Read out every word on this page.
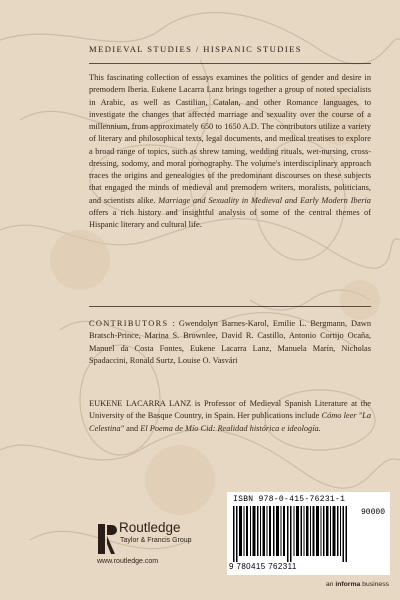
MEDIEVAL STUDIES / HISPANIC STUDIES

This fascinating collection of essays examines the politics of gender and desire in premodern Iberia. Eukene Lacarra Lanz brings together a group of noted specialists in Arabic, as well as Castilian, Catalan, and other Romance languages, to investigate the changes that affected marriage and sexuality over the course of a millennium, from approximately 650 to 1650 A.D. The contributors utilize a variety of literary and philosophical texts, legal documents, and medical treatises to explore a broad range of topics, such as shrew taming, wedding rituals, wet-nursing, cross-dressing, sodomy, and moral pornography. The volume's interdisciplinary approach traces the origins and genealogies of the predominant discourses on these subjects that engaged the minds of medieval and premodern writers, moralists, politicians, and scientists alike. Marriage and Sexuality in Medieval and Early Modern Iberia offers a rich history and insightful analysis of some of the central themes of Hispanic literary and cultural life.

CONTRIBUTORS : Gwendolyn Barnes-Karol, Emilie L. Bergmann, Dawn Bratsch-Prince, Marina S. Brownlee, David R. Castillo, Antonio Cortijo Ocaña, Manuel da Costa Fontes, Eukene Lacarra Lanz, Manuela Marín, Nicholas Spadaccini, Ronald Surtz, Louise O. Vasvári

EUKENE LACARRA LANZ is Professor of Medieval Spanish Literature at the University of the Basque Country, in Spain. Her publications include Cómo leer "La Celestina" and El Poema de Mío Cid: Realidad histórica e ideología.

ISBN 978-0-415-76231-1
90000
9 780415 762311
Routledge
Taylor & Francis Group
www.routledge.com
an informa business
